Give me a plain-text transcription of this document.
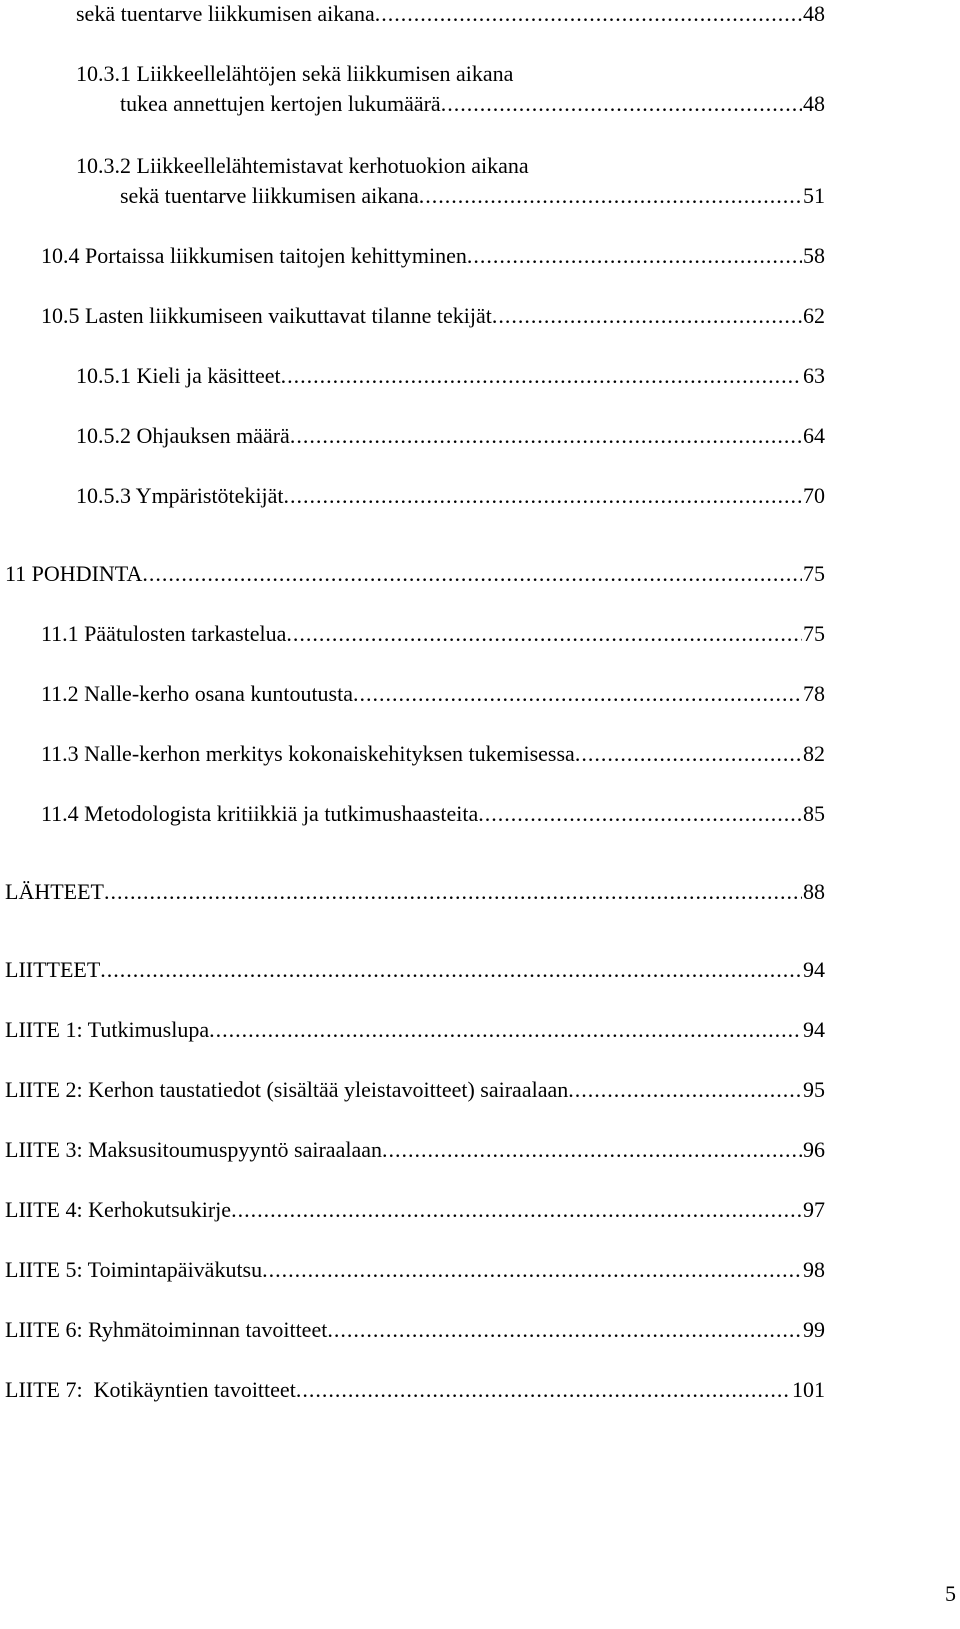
sekä tuentarve liikkumisen aikana .....	48
10.3.1 Liikkeellelähtöjen sekä liikkumisen aikana
tukea annettujen kertojen lukumäärä .....	48
10.3.2 Liikkeellelähtemistavat kerhotuokion aikana
sekä tuentarve liikkumisen aikana .....	51
10.4 Portaissa liikkumisen taitojen kehittyminen .....	58
10.5 Lasten liikkumiseen vaikuttavat tilanne tekijät .....	62
10.5.1 Kieli ja käsitteet .....	63
10.5.2 Ohjauksen määrä .....	64
10.5.3 Ympäristötekijät .....	70
11 POHDINTA .....	75
11.1 Päätulosten tarkastelua .....	75
11.2 Nalle-kerho osana kuntoutusta .....	78
11.3 Nalle-kerhon merkitys kokonaiskehityksen tukemisessa .....	82
11.4 Metodologista kritiikkiä ja tutkimushaasteita .....	85
LÄHTEET .....	88
LIITTEET .....	94
LIITE 1: Tutkimuslupa .....	94
LIITE 2: Kerhon taustatiedot (sisältää yleistavoitteet) sairaalaan .....	95
LIITE 3: Maksusitoumuspyyntö sairaalaan .....	96
LIITE 4: Kerhokutsukirje .....	97
LIITE 5: Toimintapäiväkutsu .....	98
LIITE 6: Ryhmätoiminnan tavoitteet .....	99
LIITE 7:  Kotikäyntien tavoitteet .....	101
5
